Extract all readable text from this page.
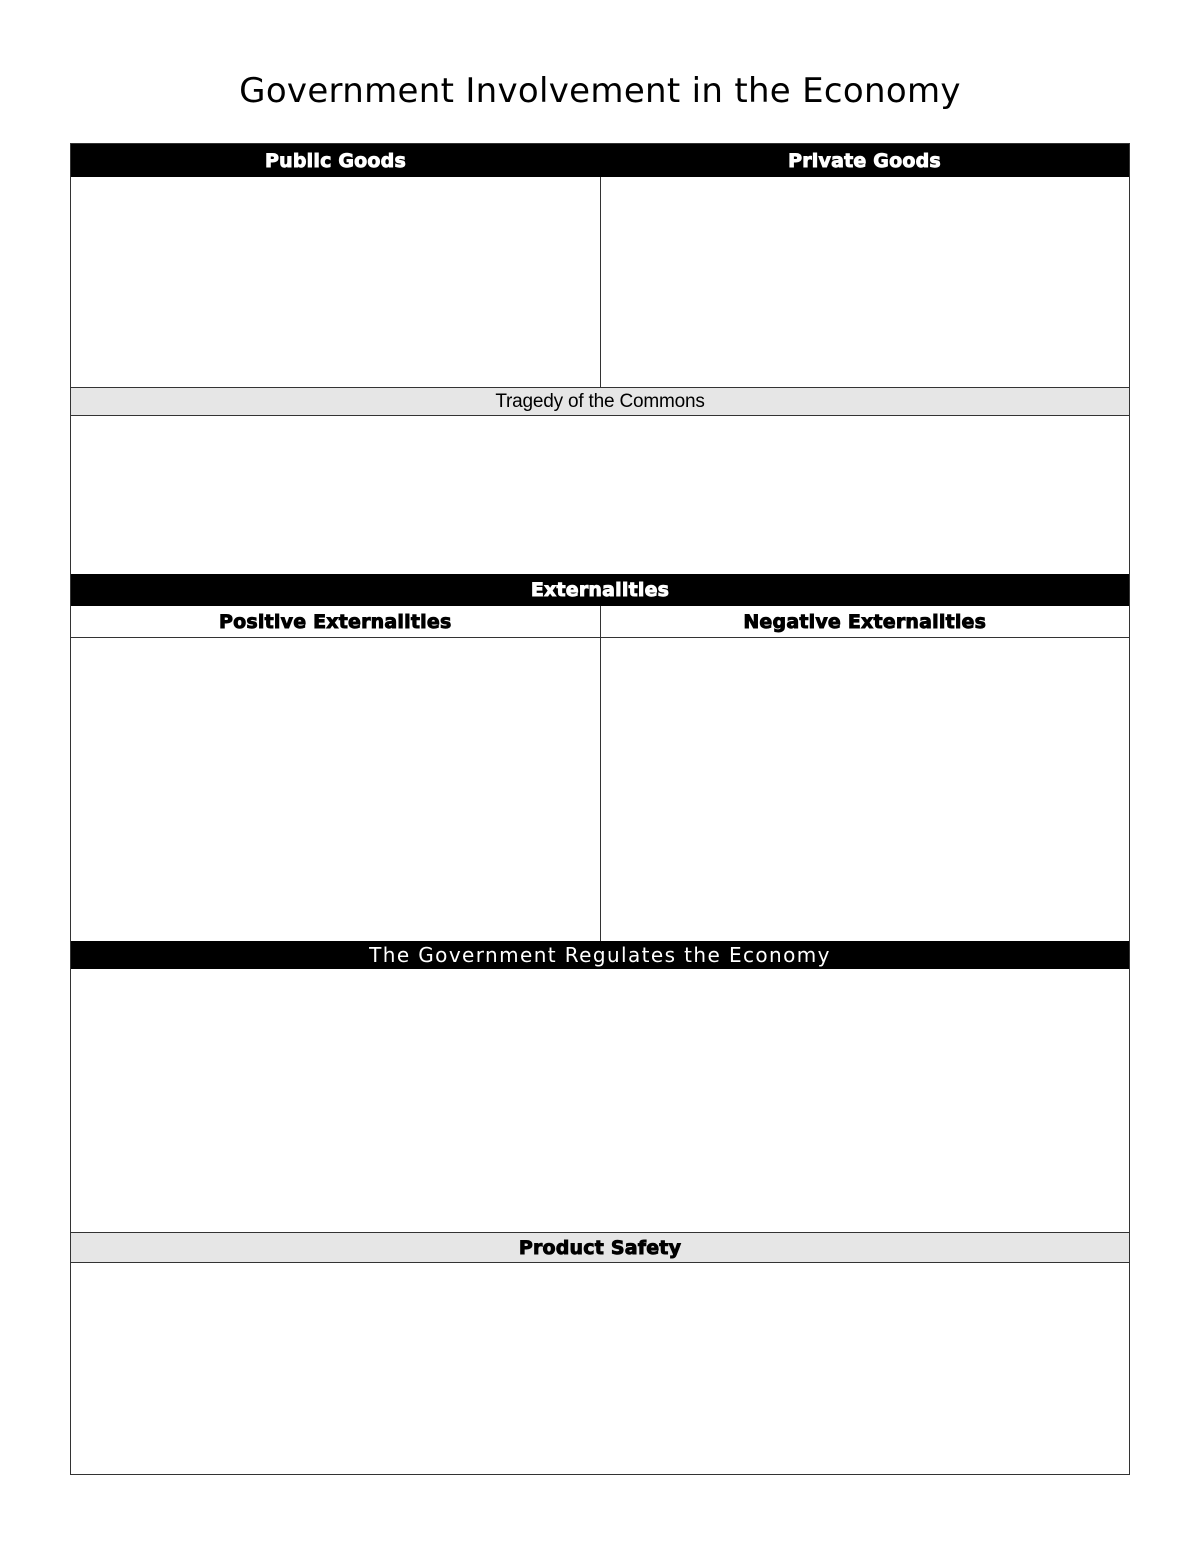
Government Involvement in the Economy
Public Goods	Private Goods
Tragedy of the Commons
Externalities
Positive Externalities	Negative Externalities
The Government Regulates the Economy
Product Safety
